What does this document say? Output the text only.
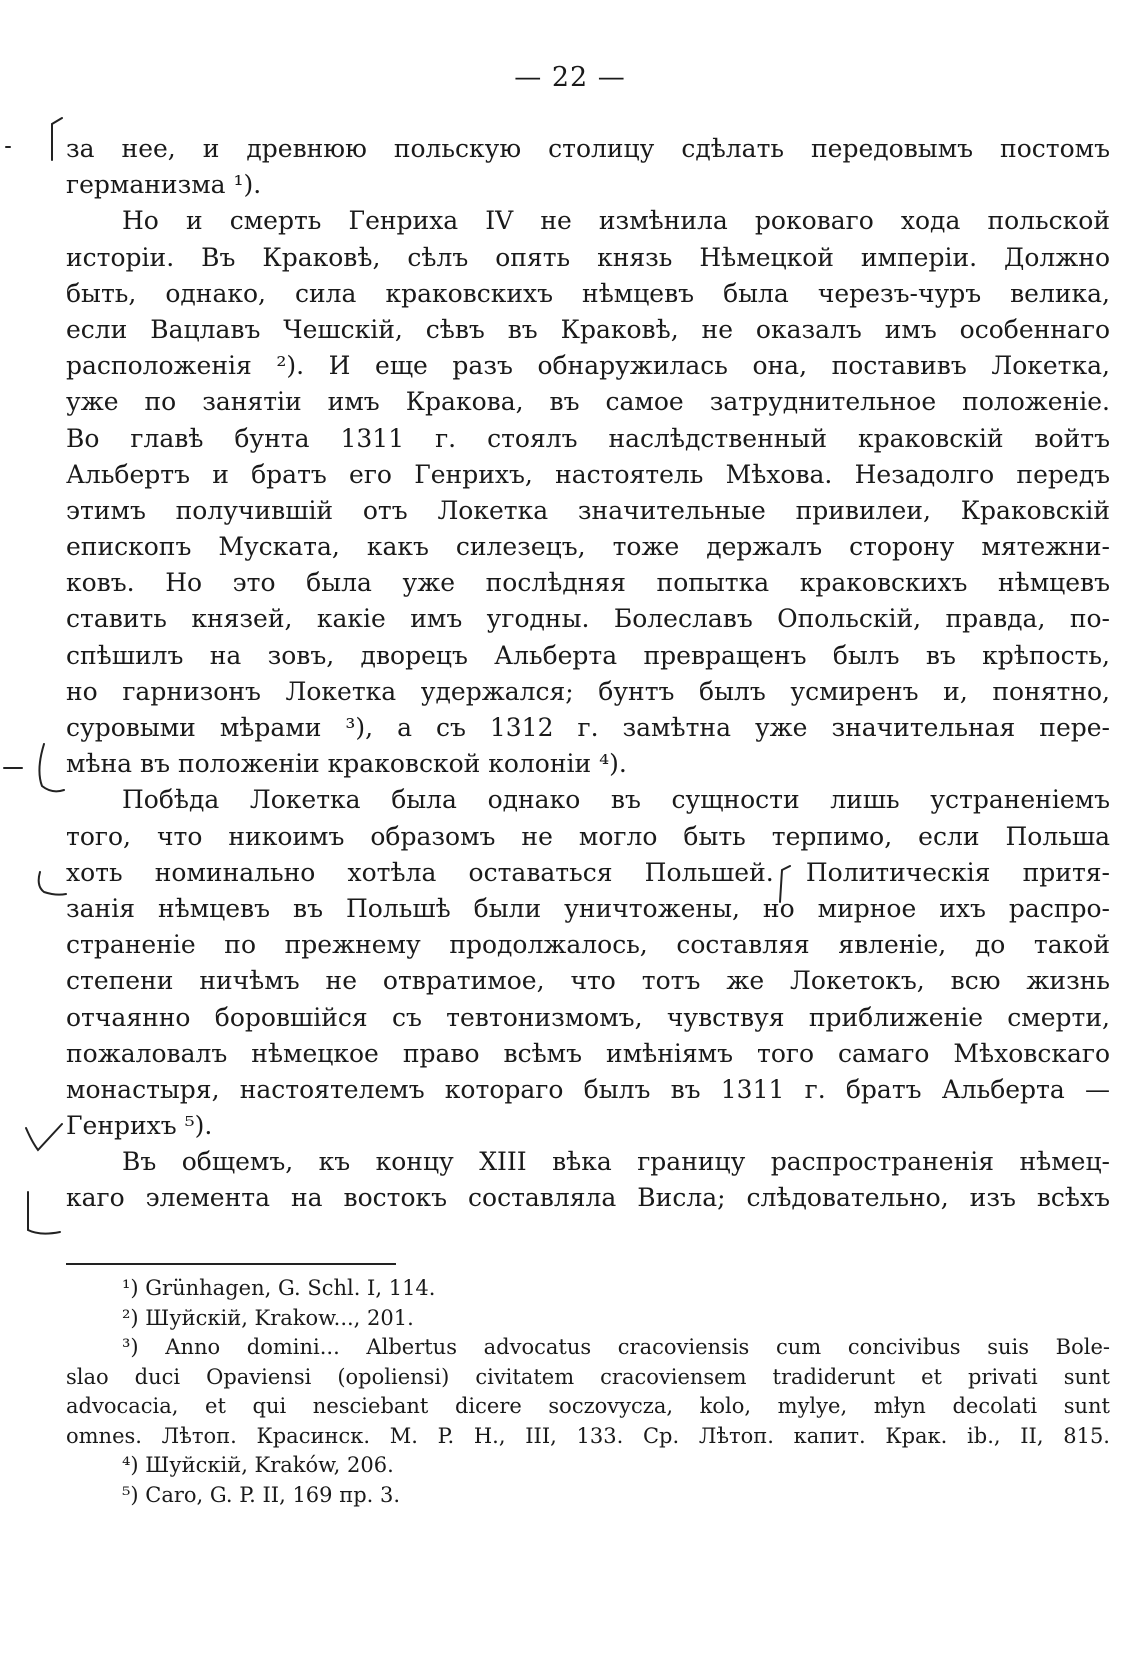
— 22 —
за нее, и древнюю польскую столицу сдѣлать передовымъ постомъ
германизма ¹).
Но и смерть Генриха IV не измѣнила роковаго хода польской
исторіи. Въ Краковѣ, сѣлъ опять князь Нѣмецкой имперіи. Должно
быть, однако, сила краковскихъ нѣмцевъ была черезъ-чуръ велика,
если Вацлавъ Чешскій, сѣвъ въ Краковѣ, не оказалъ имъ особеннаго
расположенія ²). И еще разъ обнаружилась она, поставивъ Локетка,
уже по занятіи имъ Кракова, въ самое затруднительное положеніе.
Во главѣ бунта 1311 г. стоялъ наслѣдственный краковскій войтъ
Альбертъ и братъ его Генрихъ, настоятель Мѣхова. Незадолго передъ
этимъ получившій отъ Локетка значительные привилеи, Краковскій
епископъ Мускатa, какъ силезецъ, тоже держалъ сторону мятежни-
ковъ. Но это была уже послѣдняя попытка краковскихъ нѣмцевъ
ставить князей, какіе имъ угодны. Болеславъ Опольскій, правда, по-
спѣшилъ на зовъ, дворецъ Альберта превращенъ былъ въ крѣпость,
но гарнизонъ Локетка удержался; бунтъ былъ усмиренъ и, понятно,
суровыми мѣрами ³), а съ 1312 г. замѣтна уже значительная пере-
мѣна въ положеніи краковской колоніи ⁴).
Побѣда Локетка была однако въ сущности лишь устраненіемъ
того, что никоимъ образомъ не могло быть терпимо, если Польша
хоть номинально хотѣла оставаться Польшей. Политическія притя-
занія нѣмцевъ въ Польшѣ были уничтожены, но мирное ихъ распро-
страненіе по прежнему продолжалось, составляя явленіе, до такой
степени ничѣмъ не отвратимое, что тотъ же Локетокъ, всю жизнь
отчаянно боровшійся съ тевтонизмомъ, чувствуя приближеніе смерти,
пожаловалъ нѣмецкое право всѣмъ имѣніямъ того самаго Мѣховскаго
монастыря, настоятелемъ котораго былъ въ 1311 г. братъ Альберта —
Генрихъ ⁵).
Въ общемъ, къ концу XIII вѣка границу распространенія нѣмец-
каго элемента на востокъ составляла Висла; слѣдовательно, изъ всѣхъ
¹) Grünhagen, G. Schl. I, 114.
²) Шуйскій, Krakow..., 201.
³) Anno domini... Albertus advocatus cracoviensis cum concivibus suis Bole-
slao duci Opaviensi (opoliensi) civitatem cracoviensem tradiderunt et privati sunt
advocacia, et qui nesciebant dicere soczovycza, kolo, mylye, młyn decolati sunt
omnes. Лѣтоп. Красинск. M. P. H., III, 133. Ср. Лѣтоп. капит. Крак. ib., II, 815.
⁴) Шуйскій, Kraków, 206.
⁵) Caro, G. P. II, 169 пр. 3.
